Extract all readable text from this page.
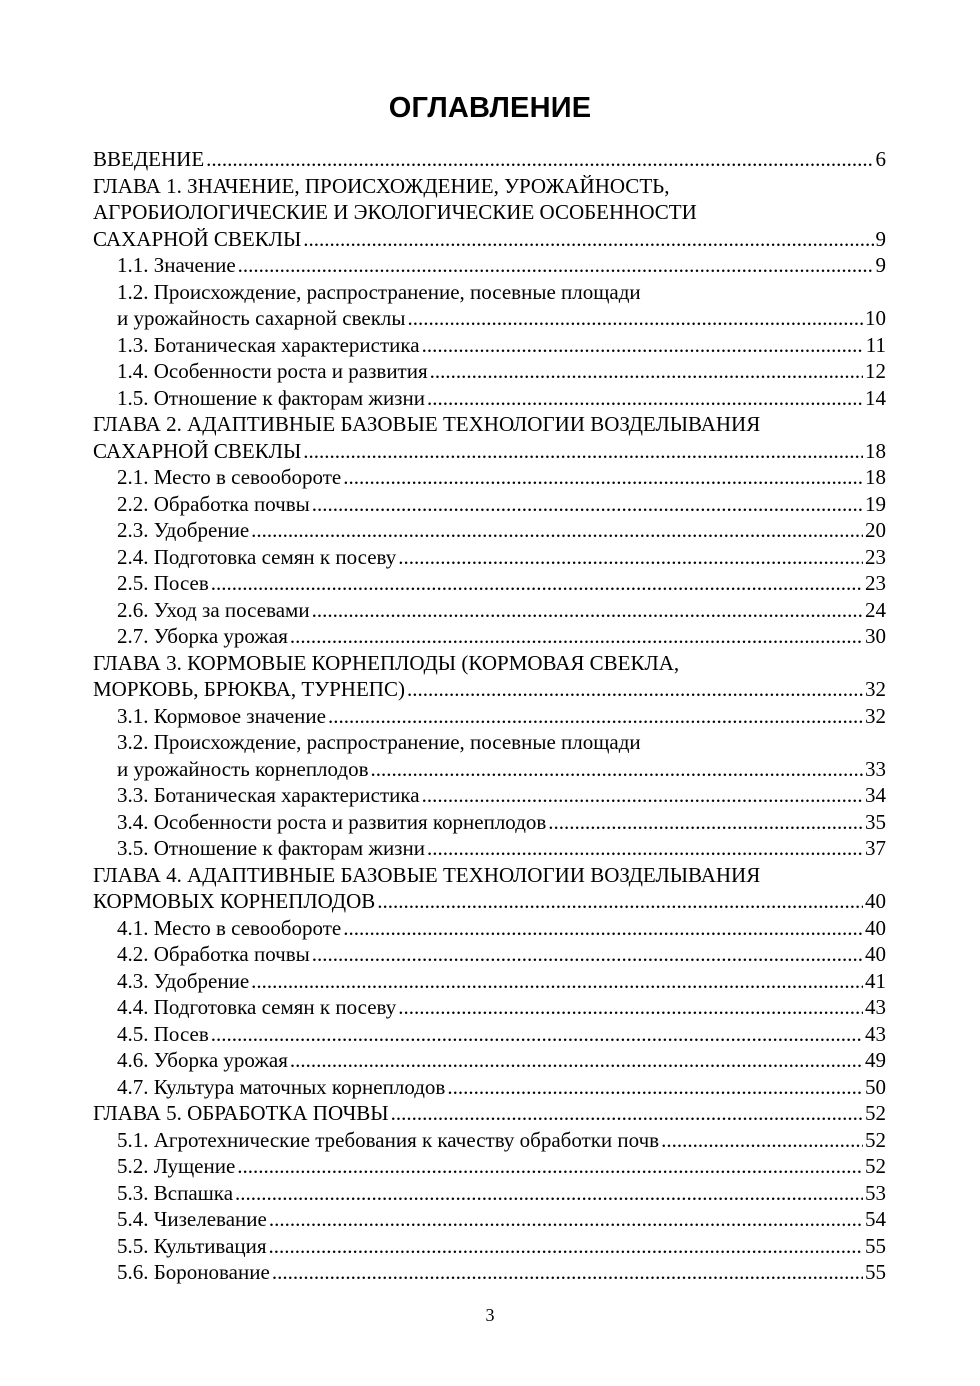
ОГЛАВЛЕНИЕ
ВВЕДЕНИЕ .....	6
ГЛАВА 1. ЗНАЧЕНИЕ, ПРОИСХОЖДЕНИЕ, УРОЖАЙНОСТЬ,
АГРОБИОЛОГИЧЕСКИЕ И ЭКОЛОГИЧЕСКИЕ ОСОБЕННОСТИ
САХАРНОЙ СВЕКЛЫ .....	9
1.1. Значение .....	9
1.2. Происхождение, распространение, посевные площади
и урожайность сахарной свеклы .....	10
1.3. Ботаническая характеристика .....	11
1.4. Особенности роста и развития .....	12
1.5. Отношение к факторам жизни .....	14
ГЛАВА 2. АДАПТИВНЫЕ БАЗОВЫЕ ТЕХНОЛОГИИ ВОЗДЕЛЫВАНИЯ
САХАРНОЙ СВЕКЛЫ .....	18
2.1. Место в севообороте .....	18
2.2. Обработка почвы .....	19
2.3. Удобрение .....	20
2.4. Подготовка семян к посеву .....	23
2.5. Посев .....	23
2.6. Уход за посевами .....	24
2.7. Уборка урожая .....	30
ГЛАВА 3. КОРМОВЫЕ КОРНЕПЛОДЫ (КОРМОВАЯ СВЕКЛА,
МОРКОВЬ, БРЮКВА, ТУРНЕПС) .....	32
3.1. Кормовое значение .....	32
3.2. Происхождение, распространение, посевные площади
и урожайность корнеплодов .....	33
3.3. Ботаническая характеристика .....	34
3.4. Особенности роста и развития корнеплодов .....	35
3.5. Отношение к факторам жизни .....	37
ГЛАВА 4. АДАПТИВНЫЕ БАЗОВЫЕ ТЕХНОЛОГИИ ВОЗДЕЛЫВАНИЯ
КОРМОВЫХ КОРНЕПЛОДОВ .....	40
4.1. Место в севообороте .....	40
4.2. Обработка почвы .....	40
4.3. Удобрение .....	41
4.4. Подготовка семян к посеву .....	43
4.5. Посев .....	43
4.6. Уборка урожая .....	49
4.7. Культура маточных корнеплодов .....	50
ГЛАВА 5. ОБРАБОТКА ПОЧВЫ .....	52
5.1. Агротехнические требования к качеству обработки почв .....	52
5.2. Лущение .....	52
5.3. Вспашка .....	53
5.4. Чизелевание .....	54
5.5. Культивация .....	55
5.6. Боронование .....	55
3
